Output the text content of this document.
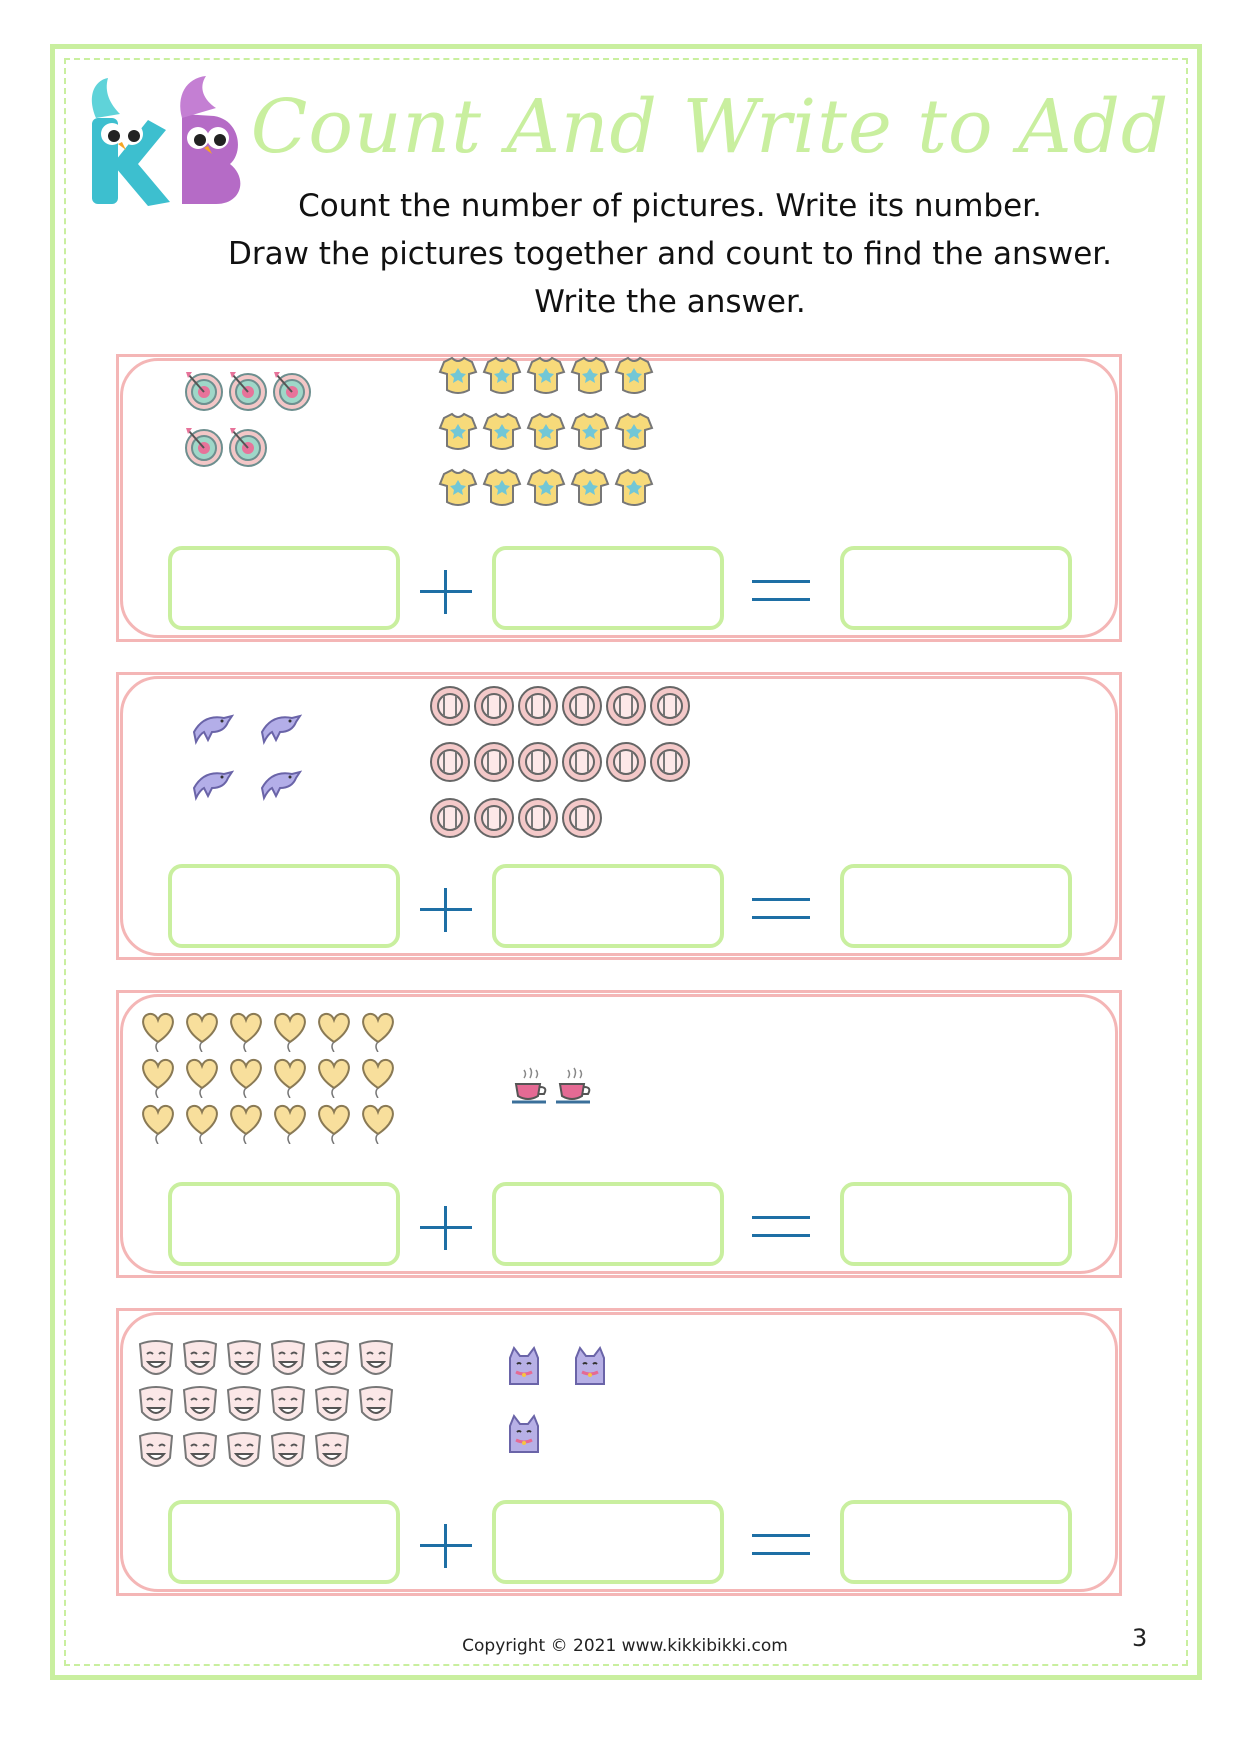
Count And Write to Add
Count the number of pictures. Write its number.
Draw the pictures together and count to find the answer.
Write the answer.
Copyright © 2021 www.kikkibikki.com	3
